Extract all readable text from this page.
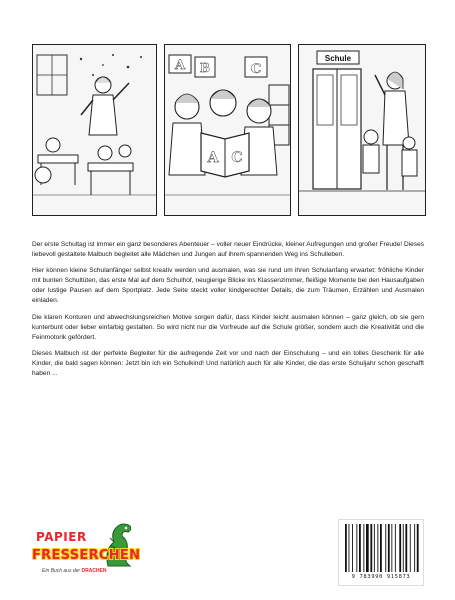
A B	C
A C
Schule

Der erste Schultag ist immer ein ganz besonderes Abenteuer – voller neuer Eindrücke, kleiner Aufregungen und großer Freude! Dieses liebevoll gestaltete Malbuch begleitet alle Mädchen und Jungen auf ihrem spannenden Weg ins Schulleben.

Hier können kleine Schulanfänger selbst kreativ werden und ausmalen, was sie rund um ihren Schulanfang erwartet: fröhliche Kinder mit bunten Schultüten, das erste Mal auf dem Schulhof, neugierige Blicke ins Klassenzimmer, fleißige Momente bei den Hausaufgaben oder lustige Pausen auf dem Sportplatz. Jede Seite steckt voller kindgerechter Details, die zum Träumen, Erzählen und Ausmalen einladen.

Die klaren Konturen und abwechslungsreichen Motive sorgen dafür, dass Kinder leicht ausmalen können – ganz gleich, ob sie gern kunterbunt oder lieber einfarbig gestalten. So wird nicht nur die Vorfreude auf die Schule größer, sondern auch die Kreativität und die Feinmotorik gefördert.

Dieses Malbuch ist der perfekte Begleiter für die aufregende Zeit vor und nach der Einschulung – und ein tolles Geschenk für alle Kinder, die bald sagen können: Jetzt bin ich ein Schulkind! Und natürlich auch für alle Kinder, die das erste Schuljahr schon geschafft haben ...

PAPIER
FRESSERCHEN
Ein Buch aus der DRACHEN
9 783990 915873
